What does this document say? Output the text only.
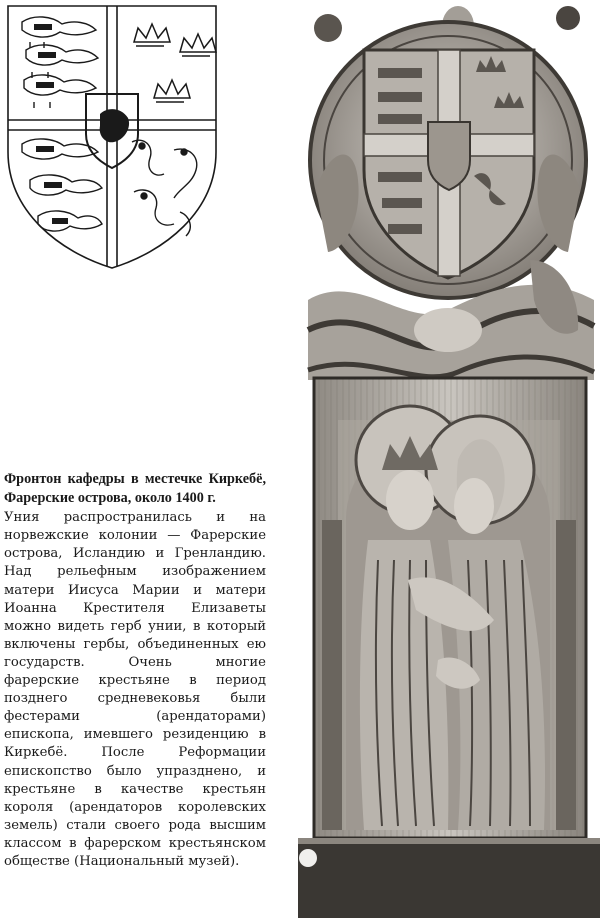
Фронтон кафедры в местечке Киркебё, Фарерские острова, около 1400 г.

Уния распространилась и на норвежские колонии — Фарерские острова, Исландию и Гренландию. Над рельефным изображением матери Иисуса Марии и матери Иоанна Крестителя Елизаветы можно видеть герб унии, в который включены гербы, объединенных ею государств. Очень многие фарерские крестьяне в период позднего средневековья были фестерами (арендаторами) епископа, имевшего резиденцию в Киркебё. После Реформации епископство было упразднено, и крестьяне в качестве крестьян короля (арендаторов королевских земель) стали своего рода высшим классом в фарерском крестьянском обществе (Национальный музей).
